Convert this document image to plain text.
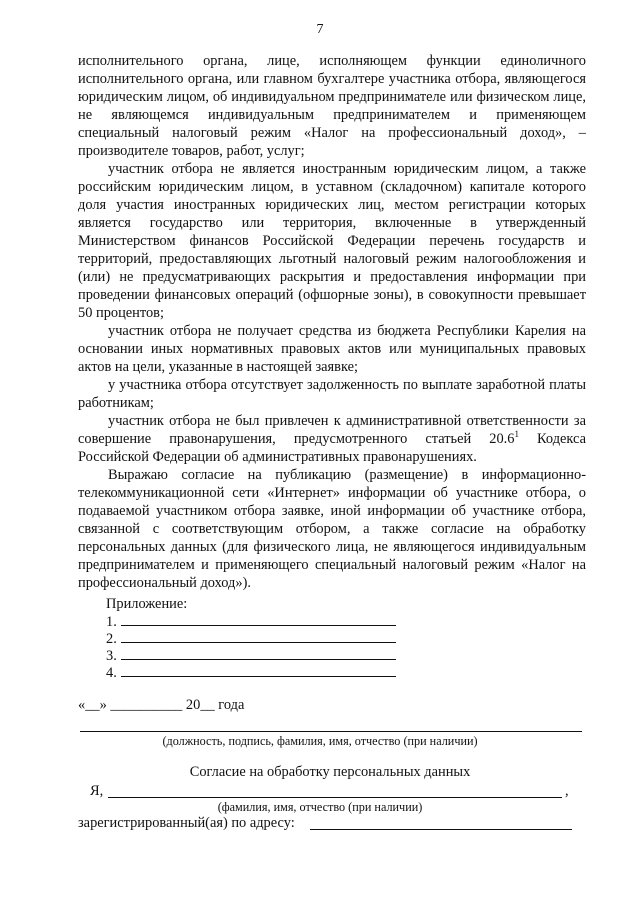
7

исполнительного органа, лице, исполняющем функции единоличного исполнительного органа, или главном бухгалтере участника отбора, являющегося юридическим лицом, об индивидуальном предпринимателе или физическом лице, не являющемся индивидуальным предпринимателем и применяющем специальный налоговый режим «Налог на профессиональный доход», – производителе товаров, работ, услуг;

участник отбора не является иностранным юридическим лицом, а также российским юридическим лицом, в уставном (складочном) капитале которого доля участия иностранных юридических лиц, местом регистрации которых является государство или территория, включенные в утвержденный Министерством финансов Российской Федерации перечень государств и территорий, предоставляющих льготный налоговый режим налогообложения и (или) не предусматривающих раскрытия и предоставления информации при проведении финансовых операций (офшорные зоны), в совокупности превышает 50 процентов;

участник отбора не получает средства из бюджета Республики Карелия на основании иных нормативных правовых актов или муниципальных правовых актов на цели, указанные в настоящей заявке;

у участника отбора отсутствует задолженность по выплате заработной платы работникам;

участник отбора не был привлечен к административной ответственности за совершение правонарушения, предусмотренного статьей 20.6$^1$ Кодекса Российской Федерации об административных правонарушениях.

Выражаю согласие на публикацию (размещение) в информационно-телекоммуникационной сети «Интернет» информации об участнике отбора, о подаваемой участником отбора заявке, иной информации об участнике отбора, связанной с соответствующим отбором, а также согласие на обработку персональных данных (для физического лица, не являющегося индивидуальным предпринимателем и применяющего специальный налоговый режим «Налог на профессиональный доход»).

Приложение:
1.
2.
3.
4.
«__» __________ 20__ года
(должность, подпись, фамилия, имя, отчество (при наличии)
Согласие на обработку персональных данных
Я,	,
(фамилия, имя, отчество (при наличии)
зарегистрированный(ая) по адресу:
